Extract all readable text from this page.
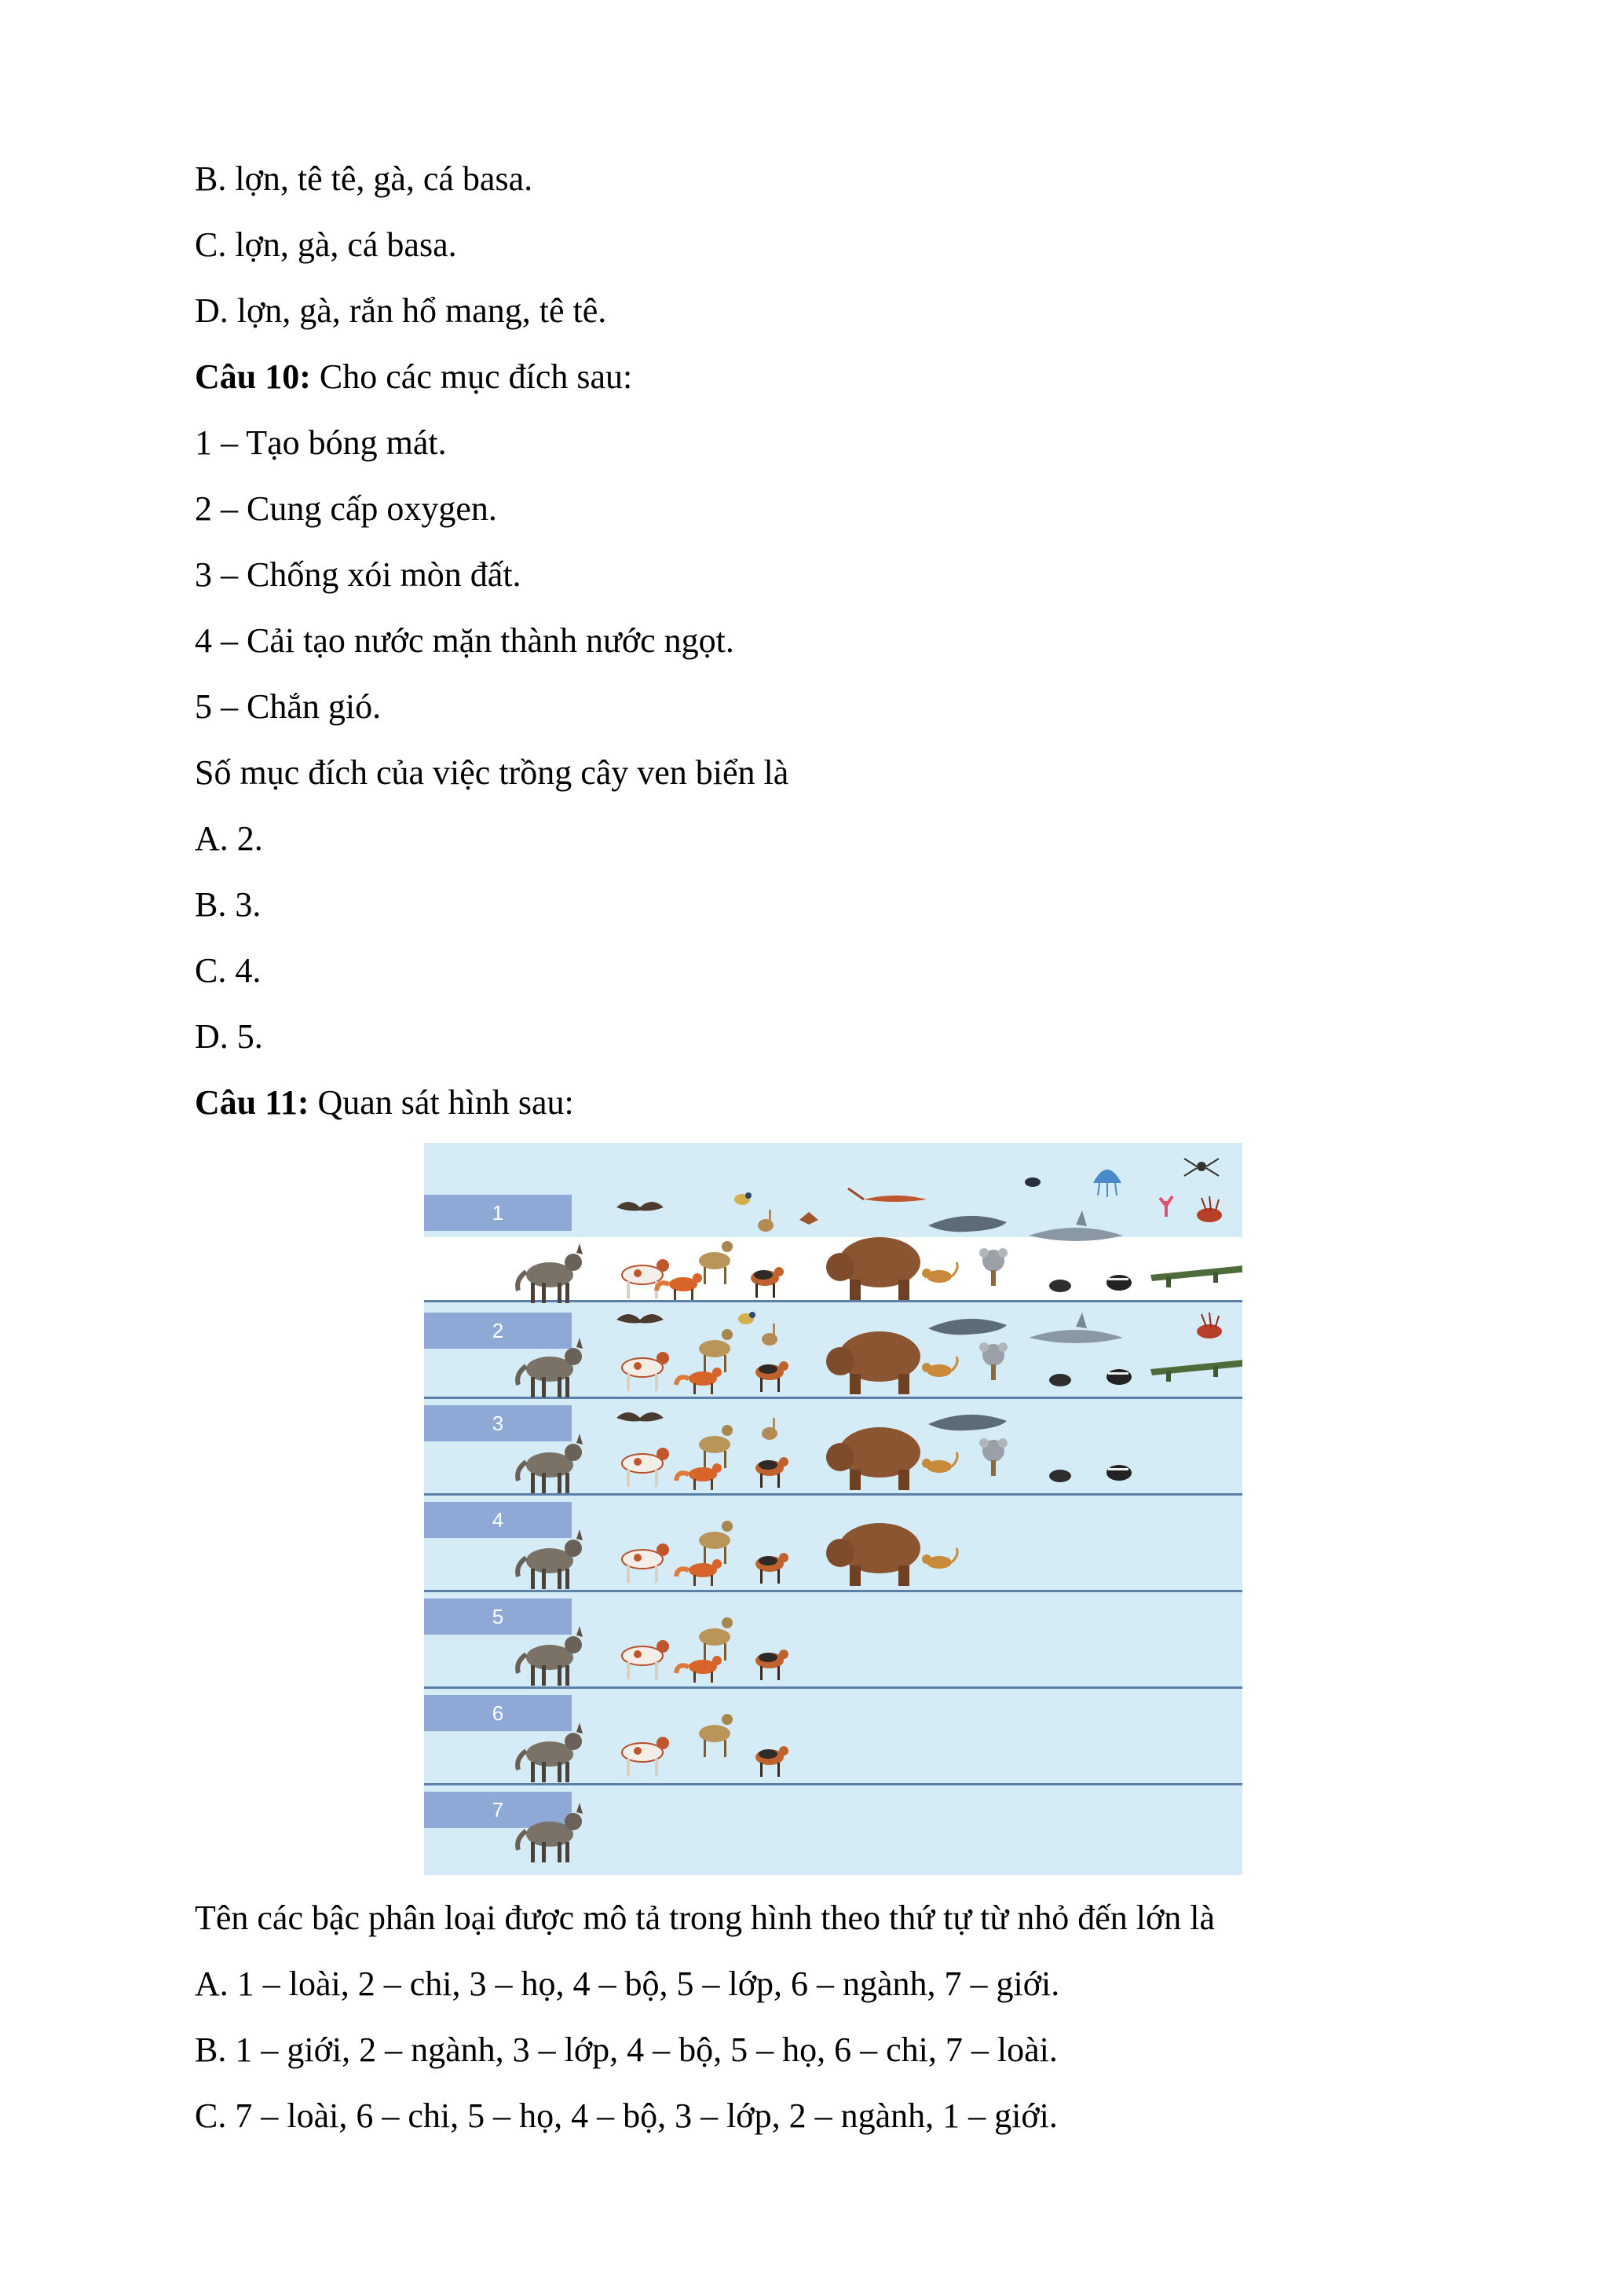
B. lợn, tê tê, gà, cá basa.
C. lợn, gà, cá basa.
D. lợn, gà, rắn hổ mang, tê tê.
Câu 10: Cho các mục đích sau:
1 – Tạo bóng mát.
2 – Cung cấp oxygen.
3 – Chống xói mòn đất.
4 – Cải tạo nước mặn thành nước ngọt.
5 – Chắn gió.
Số mục đích của việc trồng cây ven biển là
A. 2.
B. 3.
C. 4.
D. 5.
Câu 11: Quan sát hình sau:
1
2
3
4
5
6
7
Tên các bậc phân loại được mô tả trong hình theo thứ tự từ nhỏ đến lớn là
A. 1 – loài, 2 – chi, 3 – họ, 4 – bộ, 5 – lớp, 6 – ngành, 7 – giới.
B. 1 – giới, 2 – ngành, 3 – lớp, 4 – bộ, 5 – họ, 6 – chi, 7 – loài.
C. 7 – loài, 6 – chi, 5 – họ, 4 – bộ, 3 – lớp, 2 – ngành, 1 – giới.
